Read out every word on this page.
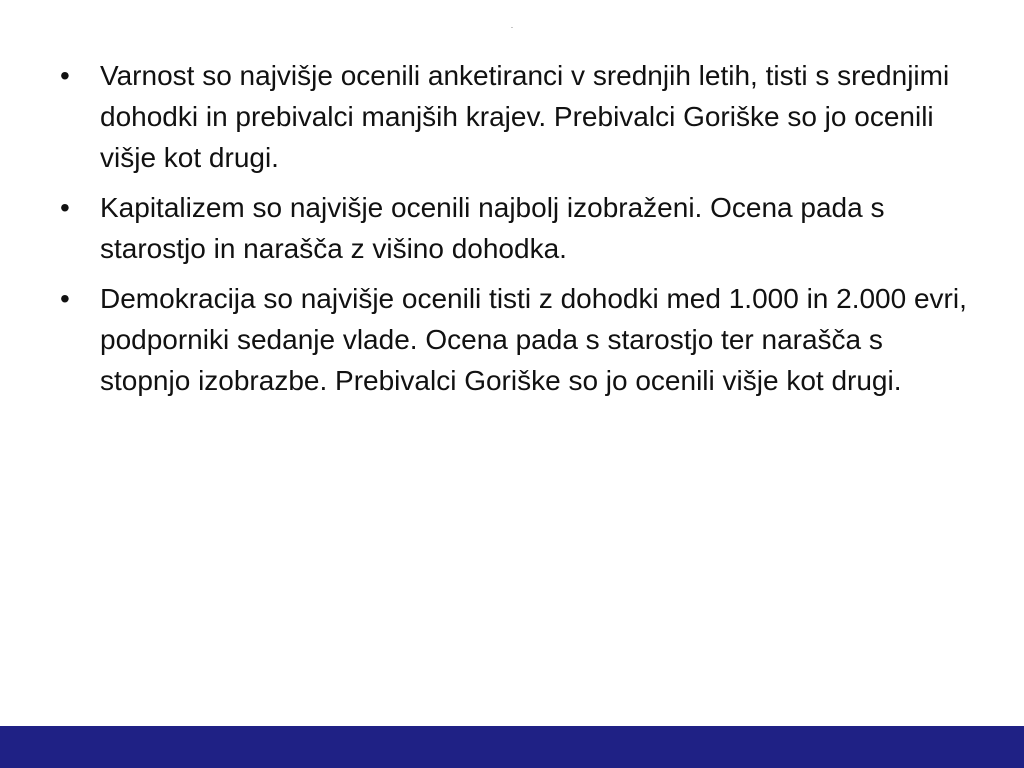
.
•	Varnost so najvišje ocenili anketiranci v srednjih letih, tisti s srednjimi dohodki in prebivalci manjših krajev. Prebivalci Goriške so jo ocenili višje kot drugi.
•	Kapitalizem so najvišje ocenili najbolj izobraženi. Ocena pada s starostjo in narašča z višino dohodka.
•	Demokracija so najvišje ocenili tisti z dohodki med 1.000 in 2.000 evri, podporniki sedanje vlade. Ocena pada s starostjo ter narašča s stopnjo izobrazbe. Prebivalci Goriške so jo ocenili višje kot drugi.
